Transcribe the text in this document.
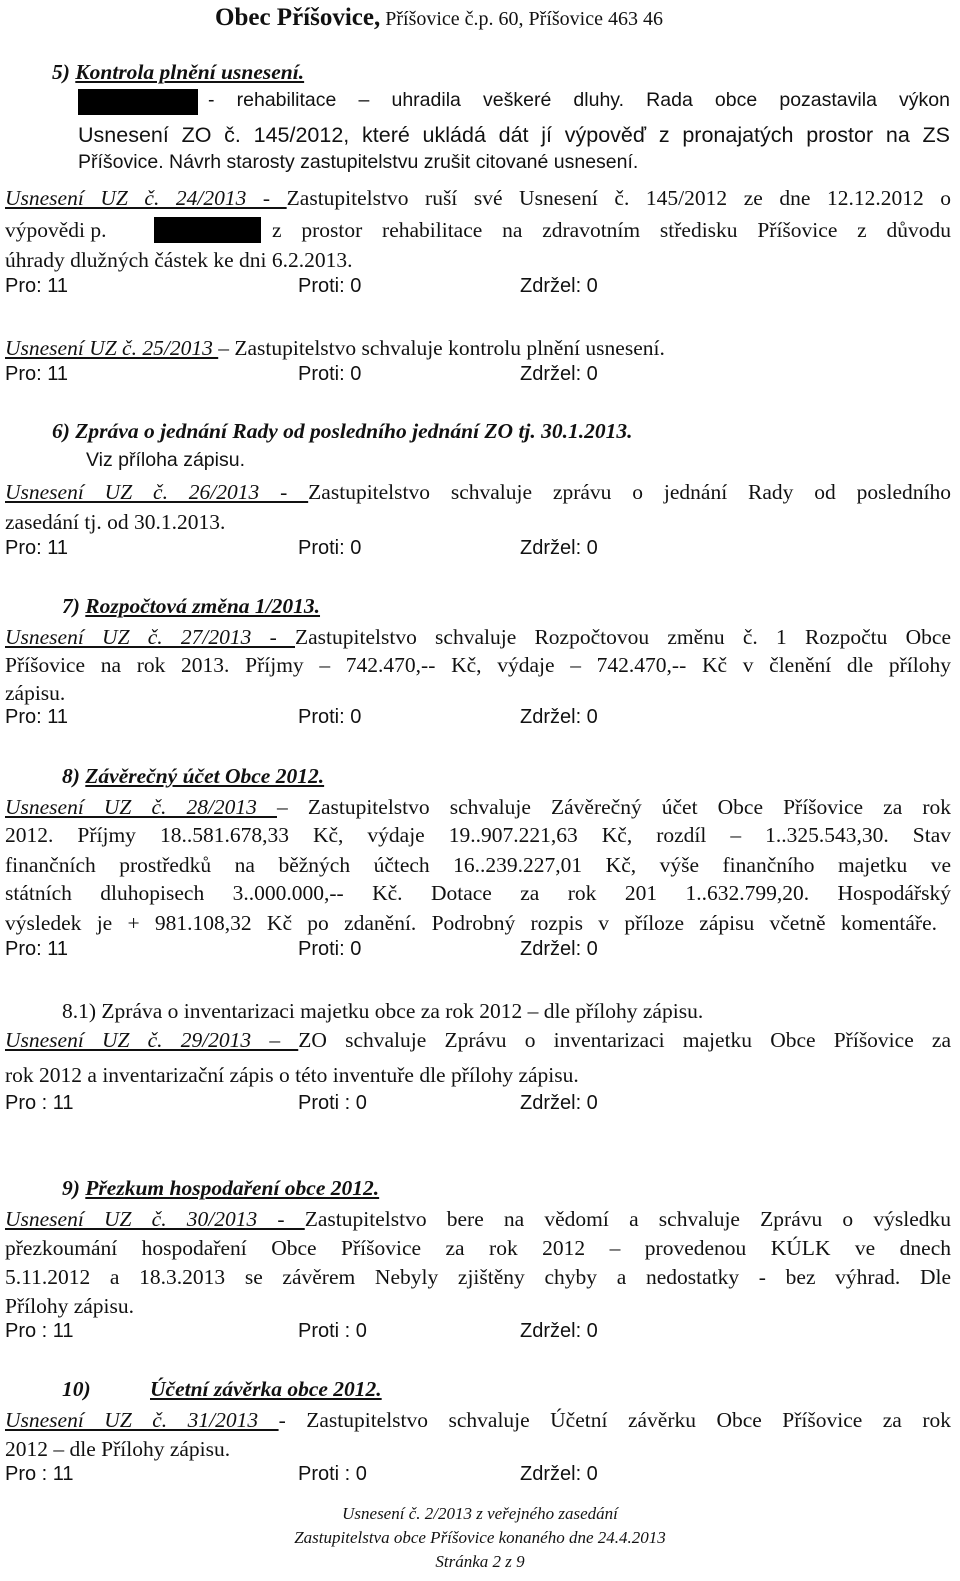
Obec Příšovice, Příšovice č.p. 60, Příšovice 463 46
5) Kontrola plnění usnesení.
- rehabilitace – uhradila veškeré dluhy. Rada obce pozastavila výkon
Usnesení ZO č. 145/2012, které ukládá dát jí výpověď z pronajatých prostor na ZS
Příšovice. Návrh starosty zastupitelstvu zrušit citované usnesení.
Usnesení UZ č. 24/2013 - Zastupitelstvo ruší své Usnesení č. 145/2012 ze dne 12.12.2012 o
výpovědi p.	z prostor rehabilitace na zdravotním středisku Příšovice z důvodu
úhrady dlužných částek ke dni 6.2.2013.
Pro: 11	Proti: 0	Zdržel: 0
Usnesení UZ č. 25/2013 – Zastupitelstvo schvaluje kontrolu plnění usnesení.
Pro: 11	Proti: 0	Zdržel: 0
6) Zpráva o jednání Rady od posledního jednání ZO tj. 30.1.2013.
Viz příloha zápisu.
Usnesení UZ č. 26/2013 - Zastupitelstvo schvaluje zprávu o jednání Rady od posledního
zasedání tj. od 30.1.2013.
Pro: 11	Proti: 0	Zdržel: 0
7) Rozpočtová změna 1/2013.
Usnesení UZ č. 27/2013 - Zastupitelstvo schvaluje Rozpočtovou změnu č. 1 Rozpočtu Obce
Příšovice na rok 2013. Příjmy – 742.470,-- Kč, výdaje – 742.470,-- Kč v členění dle přílohy
zápisu.
Pro: 11	Proti: 0	Zdržel: 0
8) Závěrečný účet Obce 2012.
Usnesení UZ č. 28/2013 – Zastupitelstvo schvaluje Závěrečný účet Obce Příšovice za rok
2012. Příjmy 18..581.678,33 Kč, výdaje 19..907.221,63 Kč, rozdíl – 1..325.543,30. Stav
finančních prostředků na běžných účtech 16..239.227,01 Kč, výše finančního majetku ve
státních dluhopisech 3..000.000,-- Kč. Dotace za rok 201 1..632.799,20. Hospodářský
výsledek je + 981.108,32 Kč po zdanění. Podrobný rozpis v příloze zápisu včetně komentáře.
Pro: 11	Proti: 0	Zdržel: 0
8.1) Zpráva o inventarizaci majetku obce za rok 2012 – dle přílohy zápisu.
Usnesení UZ č. 29/2013 – ZO schvaluje Zprávu o inventarizaci majetku Obce Příšovice za
rok 2012 a inventarizační zápis o této inventuře dle přílohy zápisu.
Pro : 11	Proti : 0	Zdržel: 0
9) Přezkum hospodaření obce 2012.
Usnesení UZ č. 30/2013 - Zastupitelstvo bere na vědomí a schvaluje Zprávu o výsledku
přezkoumání hospodaření Obce Příšovice za rok 2012 – provedenou KÚLK ve dnech
5.11.2012 a 18.3.2013 se závěrem Nebyly zjištěny chyby a nedostatky - bez výhrad. Dle
Přílohy zápisu.
Pro : 11	Proti : 0	Zdržel: 0
10)	Účetní závěrka obce 2012.
Usnesení UZ č. 31/2013 - Zastupitelstvo schvaluje Účetní závěrku Obce Příšovice za rok
2012 – dle Přílohy zápisu.
Pro : 11	Proti : 0	Zdržel: 0
Usnesení č. 2/2013 z veřejného zasedání
Zastupitelstva obce Příšovice konaného dne 24.4.2013
Stránka 2 z 9
